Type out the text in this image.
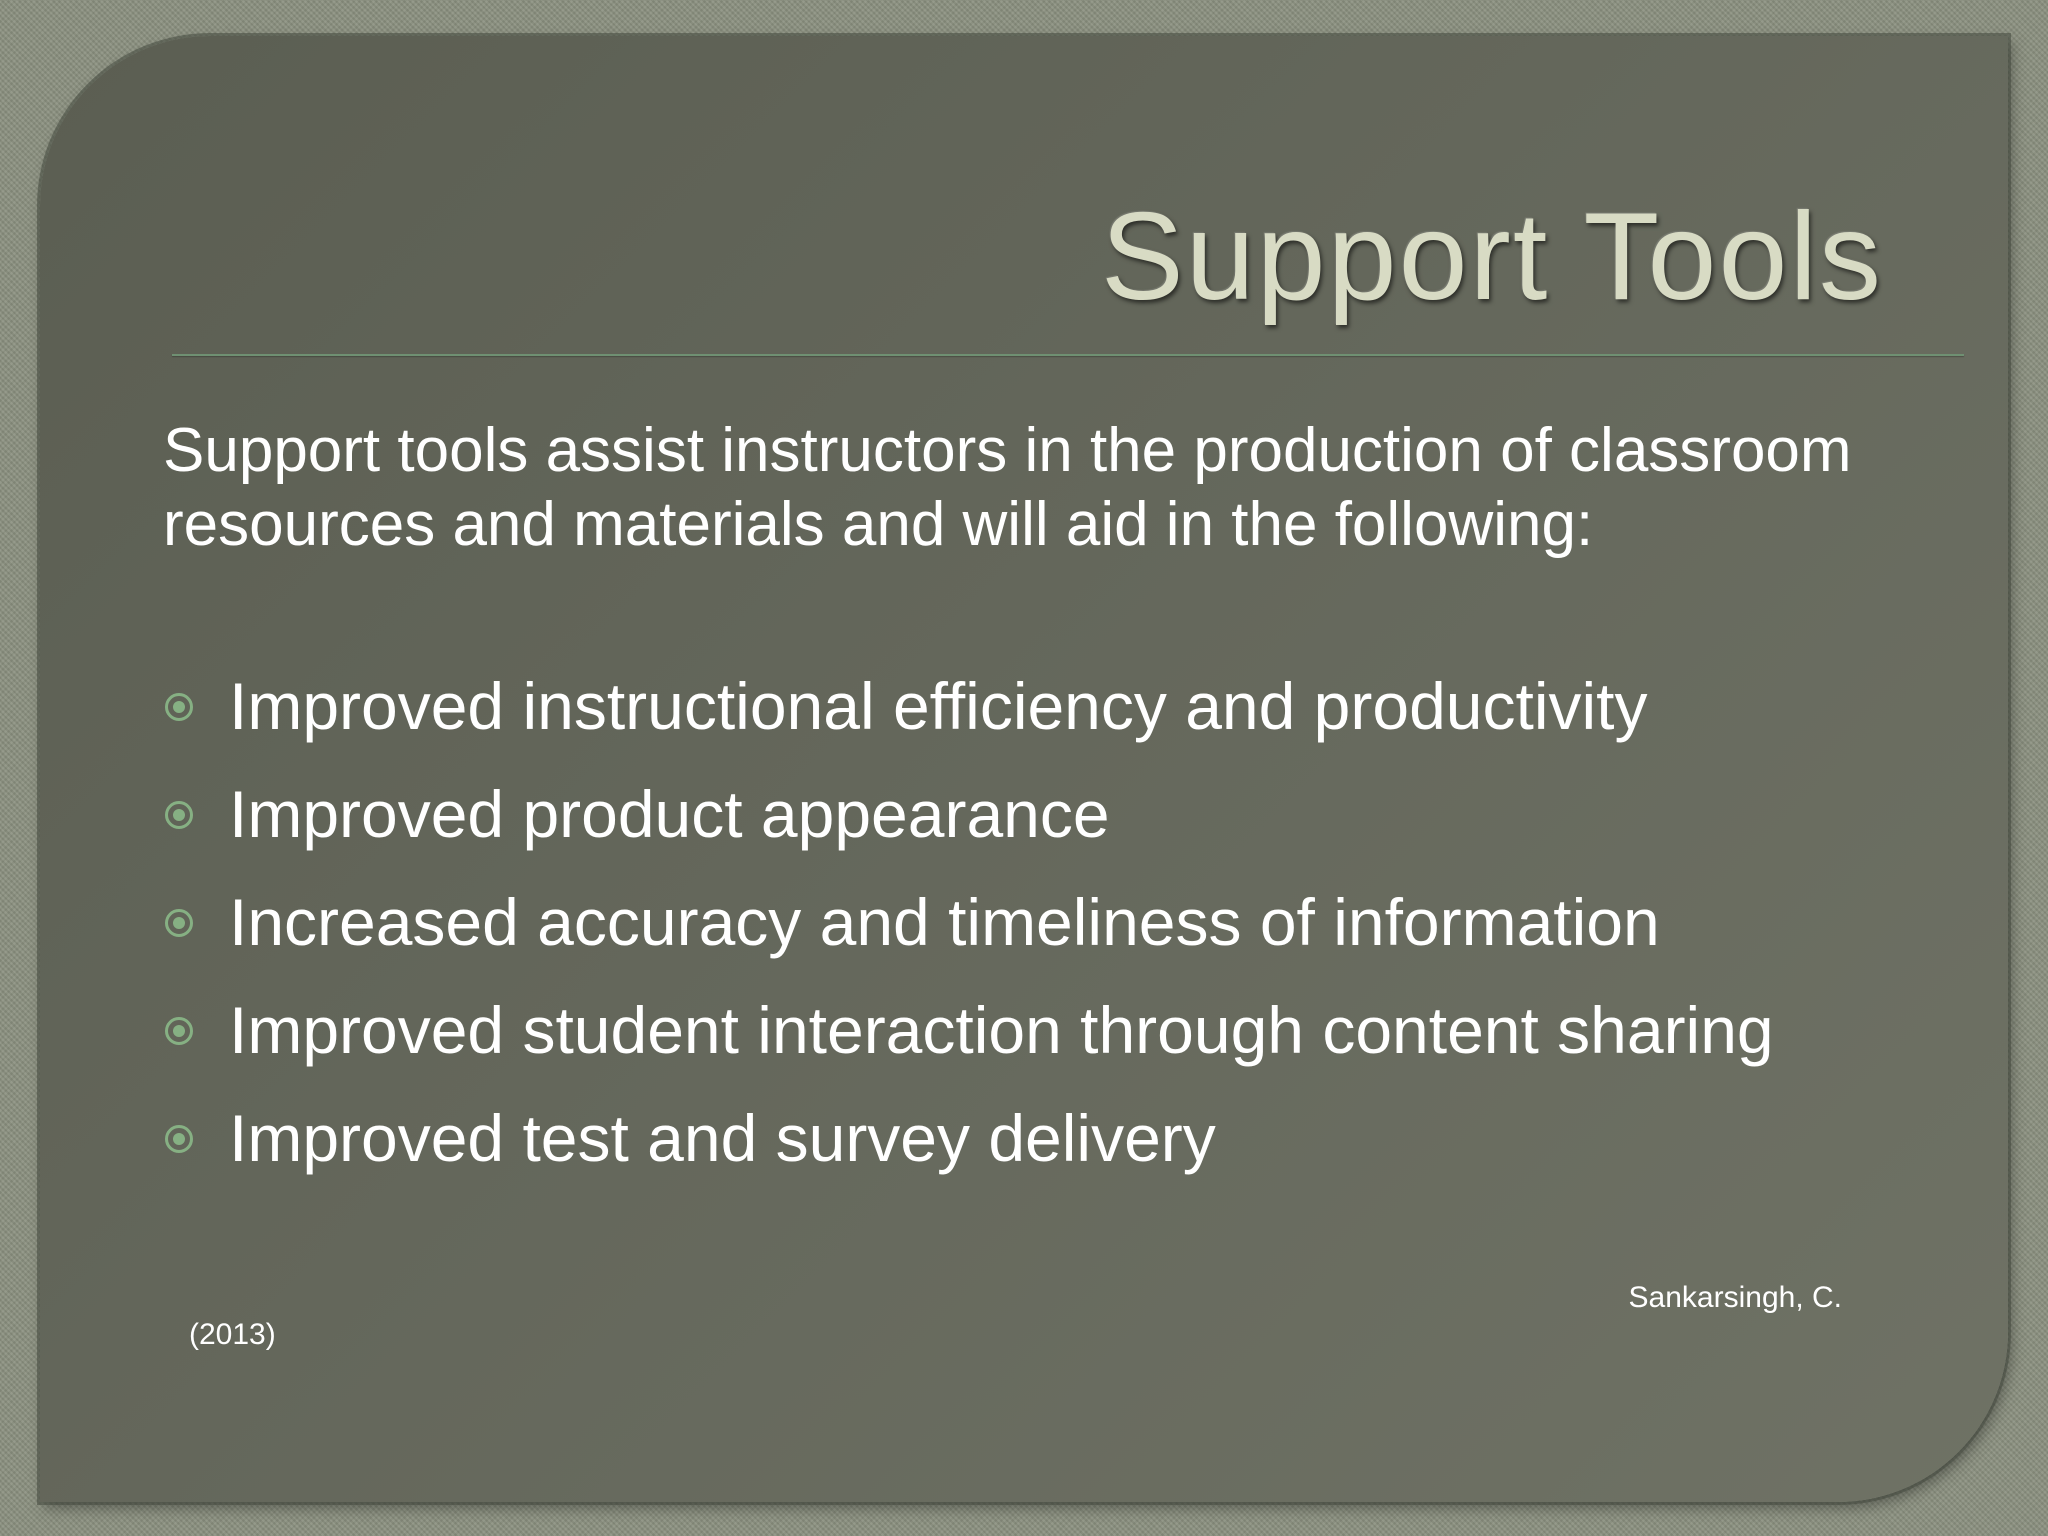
Support Tools

Support tools assist instructors in the production of classroom resources and materials and will aid in the following:

Improved instructional efficiency and productivity
Improved product appearance
Increased accuracy and timeliness of information
Improved student interaction through content sharing
Improved test and survey delivery
Sankarsingh, C.
(2013)
